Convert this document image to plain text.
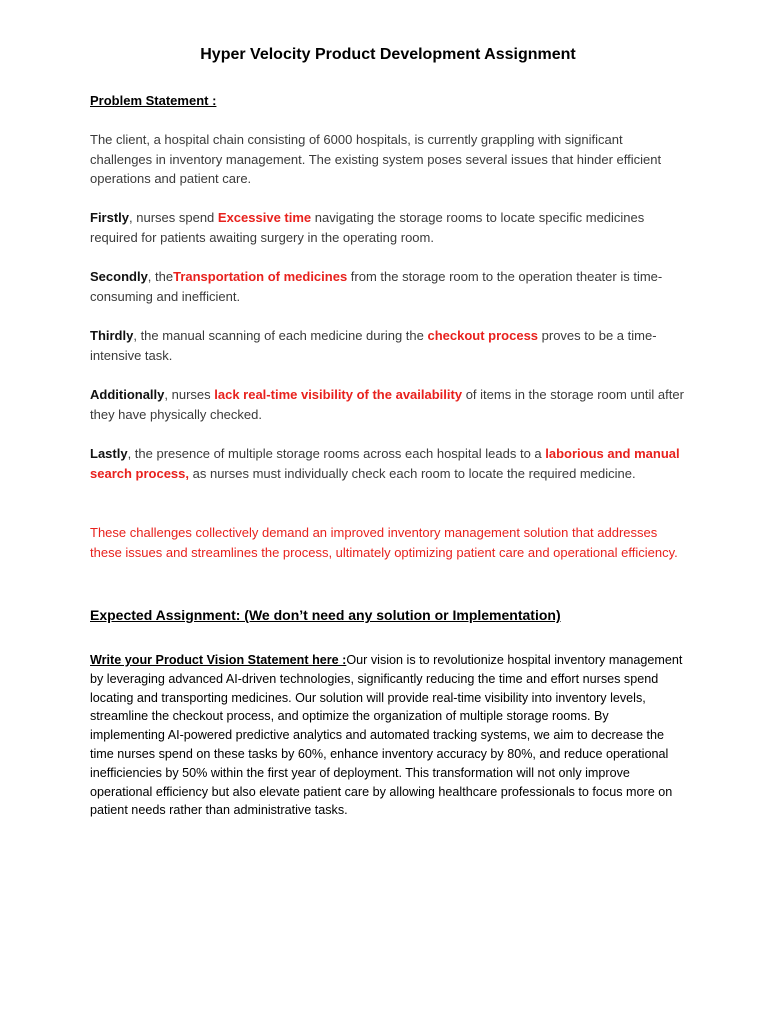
Hyper Velocity Product Development Assignment
Problem Statement :

The client, a hospital chain consisting of 6000 hospitals, is currently grappling with significant challenges in inventory management. The existing system poses several issues that hinder efficient operations and patient care.

Firstly, nurses spend Excessive time navigating the storage rooms to locate specific medicines required for patients awaiting surgery in the operating room.

Secondly, theTransportation of medicines from the storage room to the operation theater is time-consuming and inefficient.

Thirdly, the manual scanning of each medicine during the checkout process proves to be a time-intensive task.

Additionally, nurses lack real-time visibility of the availability of items in the storage room until after they have physically checked.

Lastly, the presence of multiple storage rooms across each hospital leads to a laborious and manual search process, as nurses must individually check each room to locate the required medicine.

These challenges collectively demand an improved inventory management solution that addresses these issues and streamlines the process, ultimately optimizing patient care and operational efficiency.

Expected Assignment: (We don’t need any solution or Implementation)

Write your Product Vision Statement here :Our vision is to revolutionize hospital inventory management by leveraging advanced AI-driven technologies, significantly reducing the time and effort nurses spend locating and transporting medicines. Our solution will provide real-time visibility into inventory levels, streamline the checkout process, and optimize the organization of multiple storage rooms. By implementing AI-powered predictive analytics and automated tracking systems, we aim to decrease the time nurses spend on these tasks by 60%, enhance inventory accuracy by 80%, and reduce operational inefficiencies by 50% within the first year of deployment. This transformation will not only improve operational efficiency but also elevate patient care by allowing healthcare professionals to focus more on patient needs rather than administrative tasks.
